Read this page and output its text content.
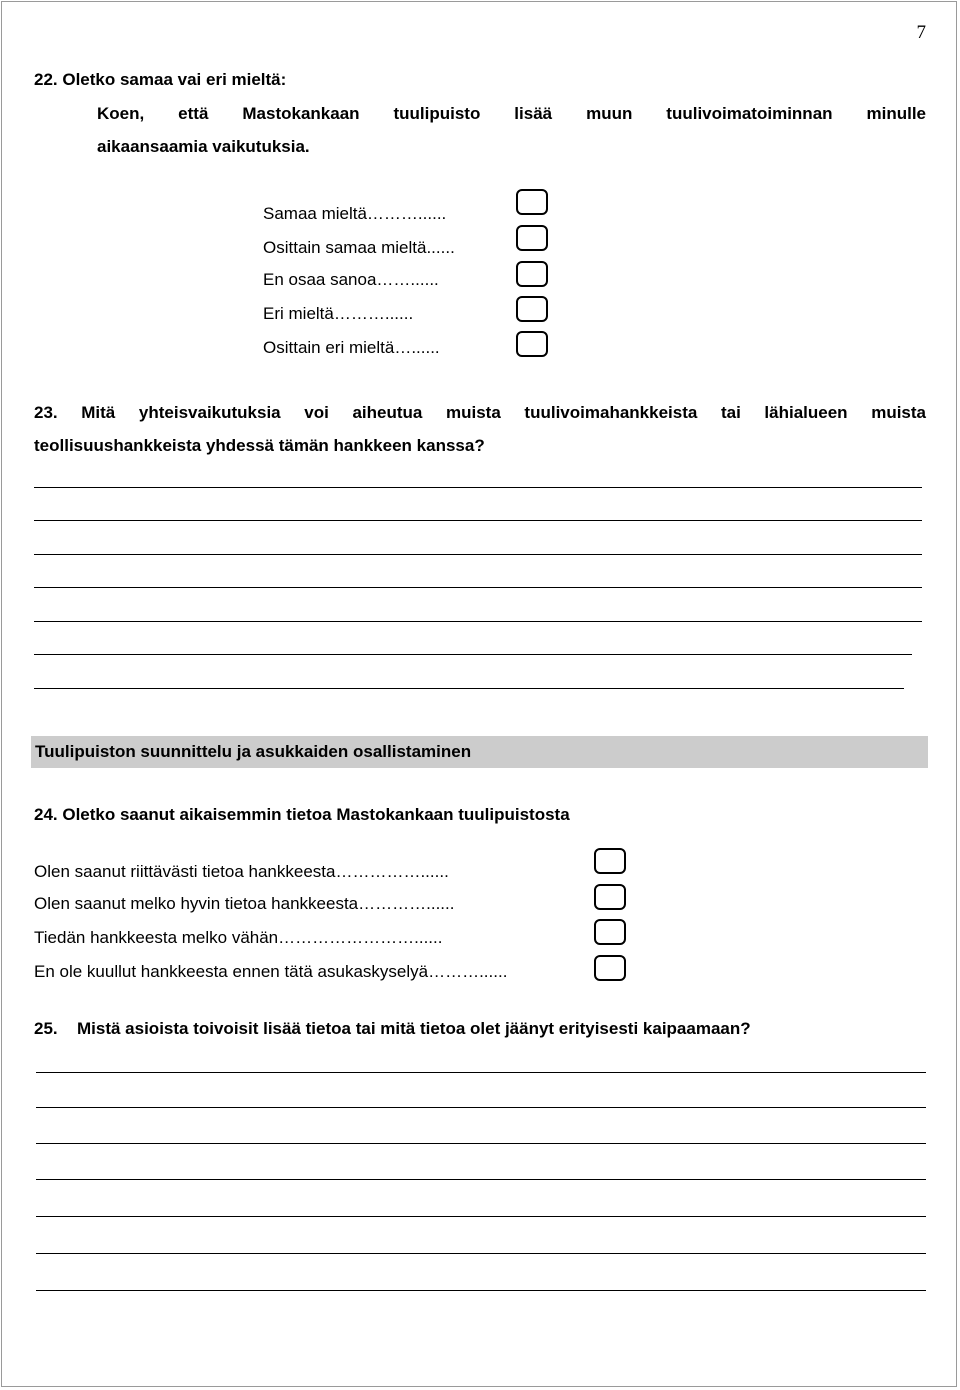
7
22. Oletko samaa vai eri mieltä:
Koen, että Mastokankaan tuulipuisto lisää muun tuulivoimatoiminnan minulle
aikaansaamia vaikutuksia.
Samaa mieltä………......
Osittain samaa mieltä......
En osaa sanoa……......
Eri mieltä………......
Osittain eri mieltä…......
23. Mitä yhteisvaikutuksia voi aiheutua muista tuulivoimahankkeista tai lähialueen muista teollisuushankkeista yhdessä tämän hankkeen kanssa?
Tuulipuiston suunnittelu ja asukkaiden osallistaminen
24. Oletko saanut aikaisemmin tietoa Mastokankaan tuulipuistosta
Olen saanut riittävästi tietoa hankkeesta……………......
Olen saanut melko hyvin tietoa hankkeesta…………......
Tiedän hankkeesta melko vähän……………………......
En ole kuullut hankkeesta ennen tätä asukaskyselyä………......
25. Mistä asioista toivoisit lisää tietoa tai mitä tietoa olet jäänyt erityisesti kaipaamaan?
